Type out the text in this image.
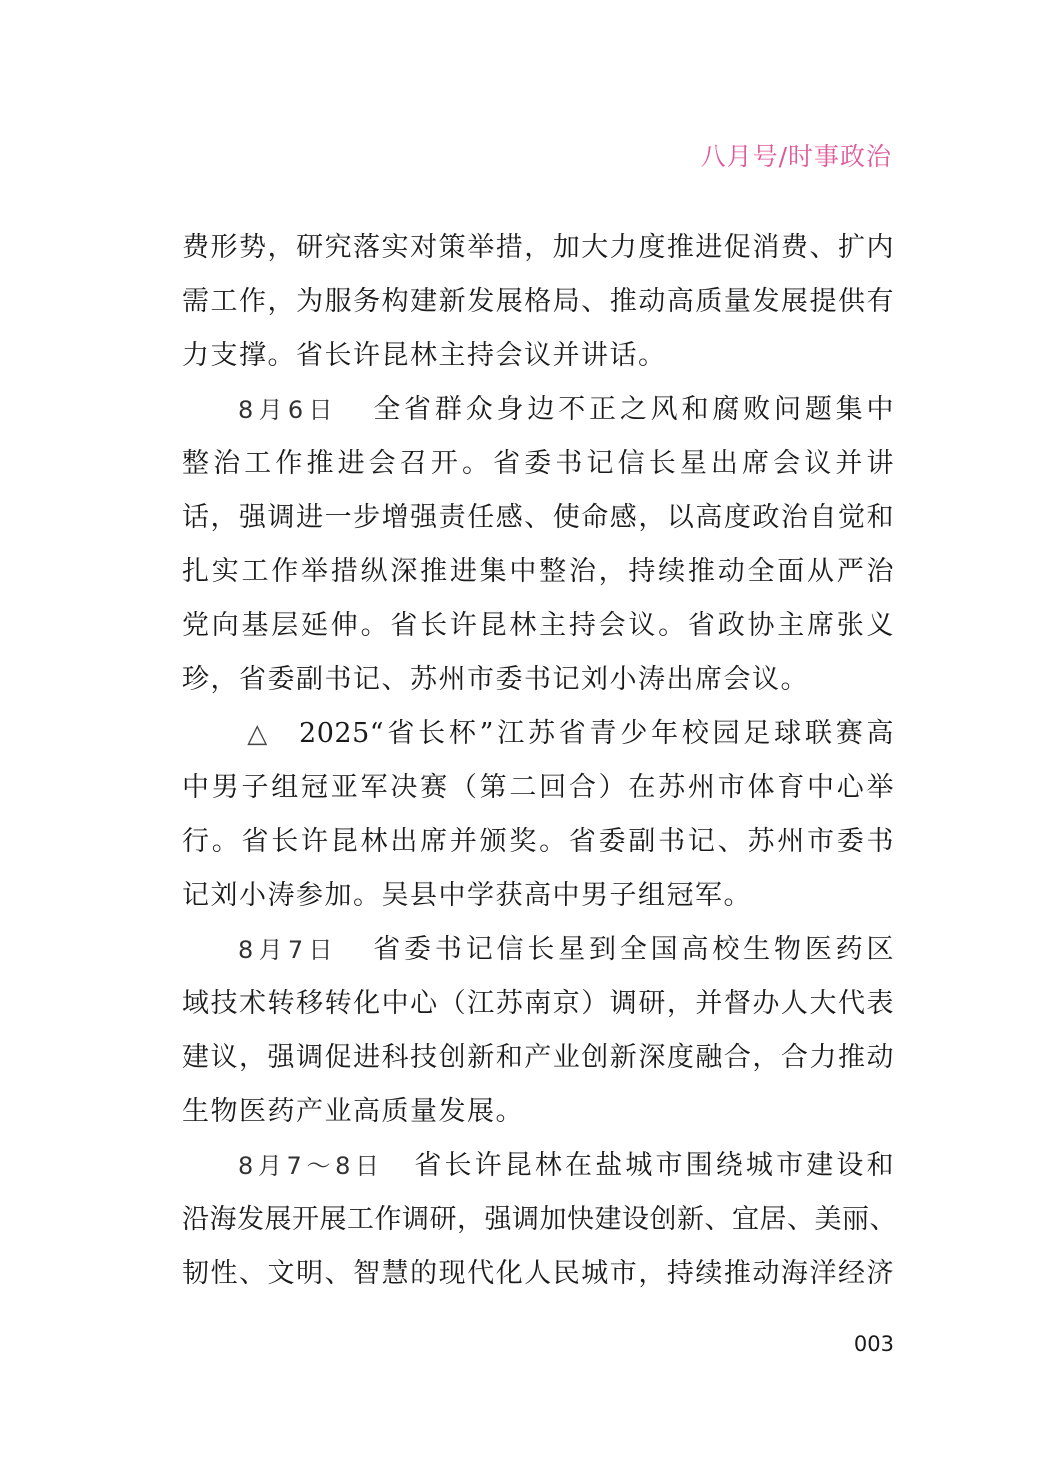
八月号/时事政治
费形势，研究落实对策举措，加大力度推进促消费、扩内
需工作，为服务构建新发展格局、推动高质量发展提供有
力支撑。省长许昆林主持会议并讲话。
8月6日 全省群众身边不正之风和腐败问题集中
整治工作推进会召开。省委书记信长星出席会议并讲
话，强调进一步增强责任感、使命感，以高度政治自觉和
扎实工作举措纵深推进集中整治，持续推动全面从严治
党向基层延伸。省长许昆林主持会议。省政协主席张义
珍，省委副书记、苏州市委书记刘小涛出席会议。
△ 2025“省长杯”江苏省青少年校园足球联赛高
中男子组冠亚军决赛（第二回合）在苏州市体育中心举
行。省长许昆林出席并颁奖。省委副书记、苏州市委书
记刘小涛参加。吴县中学获高中男子组冠军。
8月7日 省委书记信长星到全国高校生物医药区
域技术转移转化中心（江苏南京）调研，并督办人大代表
建议，强调促进科技创新和产业创新深度融合，合力推动
生物医药产业高质量发展。
8月7～8日 省长许昆林在盐城市围绕城市建设和
沿海发展开展工作调研，强调加快建设创新、宜居、美丽、
韧性、文明、智慧的现代化人民城市，持续推动海洋经济
003
